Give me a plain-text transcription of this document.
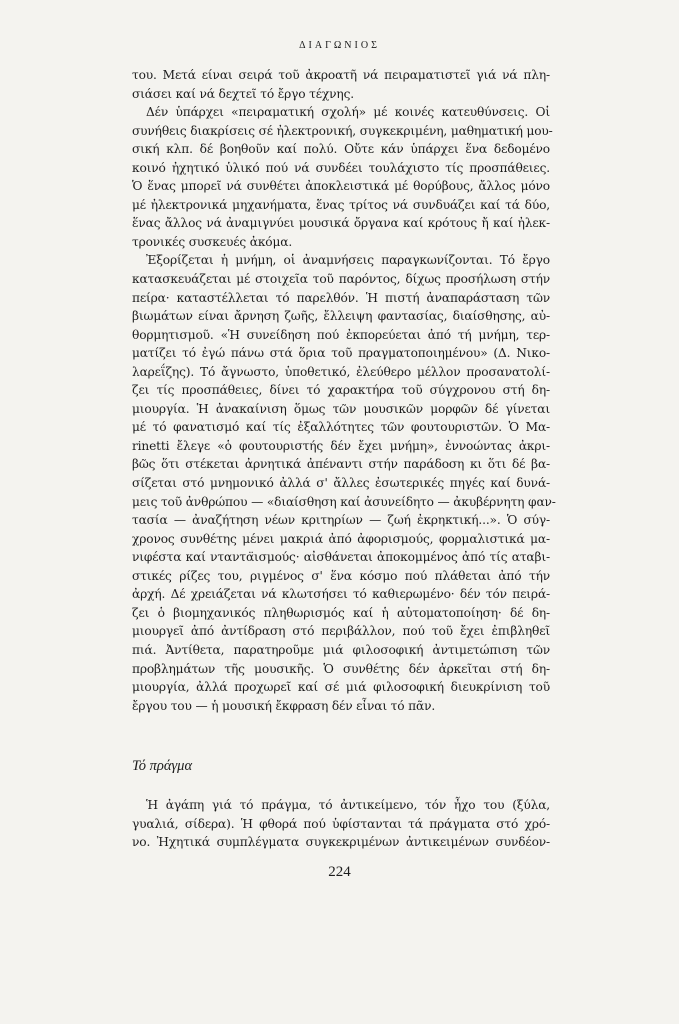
ΔΙΑΓΩΝΙΟΣ
του. Μετά είναι σειρά τοῦ ἀκροατῆ νά πειραματιστεῖ γιά νά πλη-
σιάσει καί νά δεχτεῖ τό ἔργο τέχνης.
Δέν ὑπάρχει «πειραματική σχολή» μέ κοινές κατευθύνσεις. Οἱ
συνήθεις διακρίσεις σέ ἠλεκτρονική, συγκεκριμένη, μαθηματική μου-
σική κλπ. δέ βοηθοῦν καί πολύ. Οὔτε κάν ὑπάρχει ἕνα δεδομένο
κοινό ἠχητικό ὑλικό πού νά συνδέει τουλάχιστο τίς προσπάθειες.
Ὁ ἕνας μπορεῖ νά συνθέτει ἀποκλειστικά μέ θορύβους, ἄλλος μόνο
μέ ἠλεκτρονικά μηχανήματα, ἕνας τρίτος νά συνδυάζει καί τά δύο,
ἕνας ἄλλος νά ἀναμιγνύει μουσικά ὄργανα καί κρότους ἤ καί ἠλεκ-
τρονικές συσκευές ἀκόμα.
Ἐξορίζεται ἡ μνήμη, οἱ ἀναμνήσεις παραγκωνίζονται. Τό ἔργο
κατασκευάζεται μέ στοιχεῖα τοῦ παρόντος, δίχως προσήλωση στήν
πείρα· καταστέλλεται τό παρελθόν. Ἡ πιστή ἀναπαράσταση τῶν
βιωμάτων είναι ἄρνηση ζωῆς, ἔλλειψη φαντασίας, διαίσθησης, αὐ-
θορμητισμοῦ. «Ἡ συνείδηση πού ἐκπορεύεται ἀπό τή μνήμη, τερ-
ματίζει τό ἐγώ πάνω στά ὅρια τοῦ πραγματοποιημένου» (Δ. Νικο-
λαρεΐζης). Τό ἄγνωστο, ὑποθετικό, ἐλεύθερο μέλλον προσανατολί-
ζει τίς προσπάθειες, δίνει τό χαρακτήρα τοῦ σύγχρονου στή δη-
μιουργία. Ἡ ἀνακαίνιση ὅμως τῶν μουσικῶν μορφῶν δέ γίνεται
μέ τό φανατισμό καί τίς ἐξαλλότητες τῶν φουτουριστῶν. Ὁ Μα-
rinetti ἔλεγε «ὁ φουτουριστής δέν ἔχει μνήμη», ἐννοώντας ἀκρι-
βῶς ὅτι στέκεται ἀρνητικά ἀπέναντι στήν παράδοση κι ὅτι δέ βα-
σίζεται στό μνημονικό ἀλλά σ' ἄλλες ἐσωτερικές πηγές καί δυνά-
μεις τοῦ ἀνθρώπου — «διαίσθηση καί ἀσυνείδητο — ἀκυβέρνητη φαν-
τασία — ἀναζήτηση νέων κριτηρίων — ζωή ἐκρηκτική...». Ὁ σύγ-
χρονος συνθέτης μένει μακριά ἀπό ἀφορισμούς, φορμαλιστικά μα-
νιφέστα καί νταντα̈ισμούς· αἰσθάνεται ἀποκομμένος ἀπό τίς αταβι-
στικές ρίζες του, ριγμένος σ' ἕνα κόσμο πού πλάθεται ἀπό τήν
ἀρχή. Δέ χρειάζεται νά κλωτσήσει τό καθιερωμένο· δέν τόν πειρά-
ζει ὁ βιομηχανικός πληθωρισμός καί ἡ αὐτοματοποίηση· δέ δη-
μιουργεῖ ἀπό ἀντίδραση στό περιβάλλον, πού τοῦ ἔχει ἐπιβληθεῖ
πιά. Ἀντίθετα, παρατηροῦμε μιά φιλοσοφική ἀντιμετώπιση τῶν
προβλημάτων τῆς μουσικῆς. Ὁ συνθέτης δέν ἀρκεῖται στή δη-
μιουργία, ἀλλά προχωρεῖ καί σέ μιά φιλοσοφική διευκρίνιση τοῦ
ἔργου του — ἡ μουσική ἔκφραση δέν εἶναι τό πᾶν.
Τό πράγμα
Ἡ ἀγάπη γιά τό πράγμα, τό ἀντικείμενο, τόν ἦχο του (ξύλα,
γυαλιά, σίδερα). Ἡ φθορά πού ὑφίστανται τά πράγματα στό χρό-
νο. Ἠχητικά συμπλέγματα συγκεκριμένων ἀντικειμένων συνδέον-
224
